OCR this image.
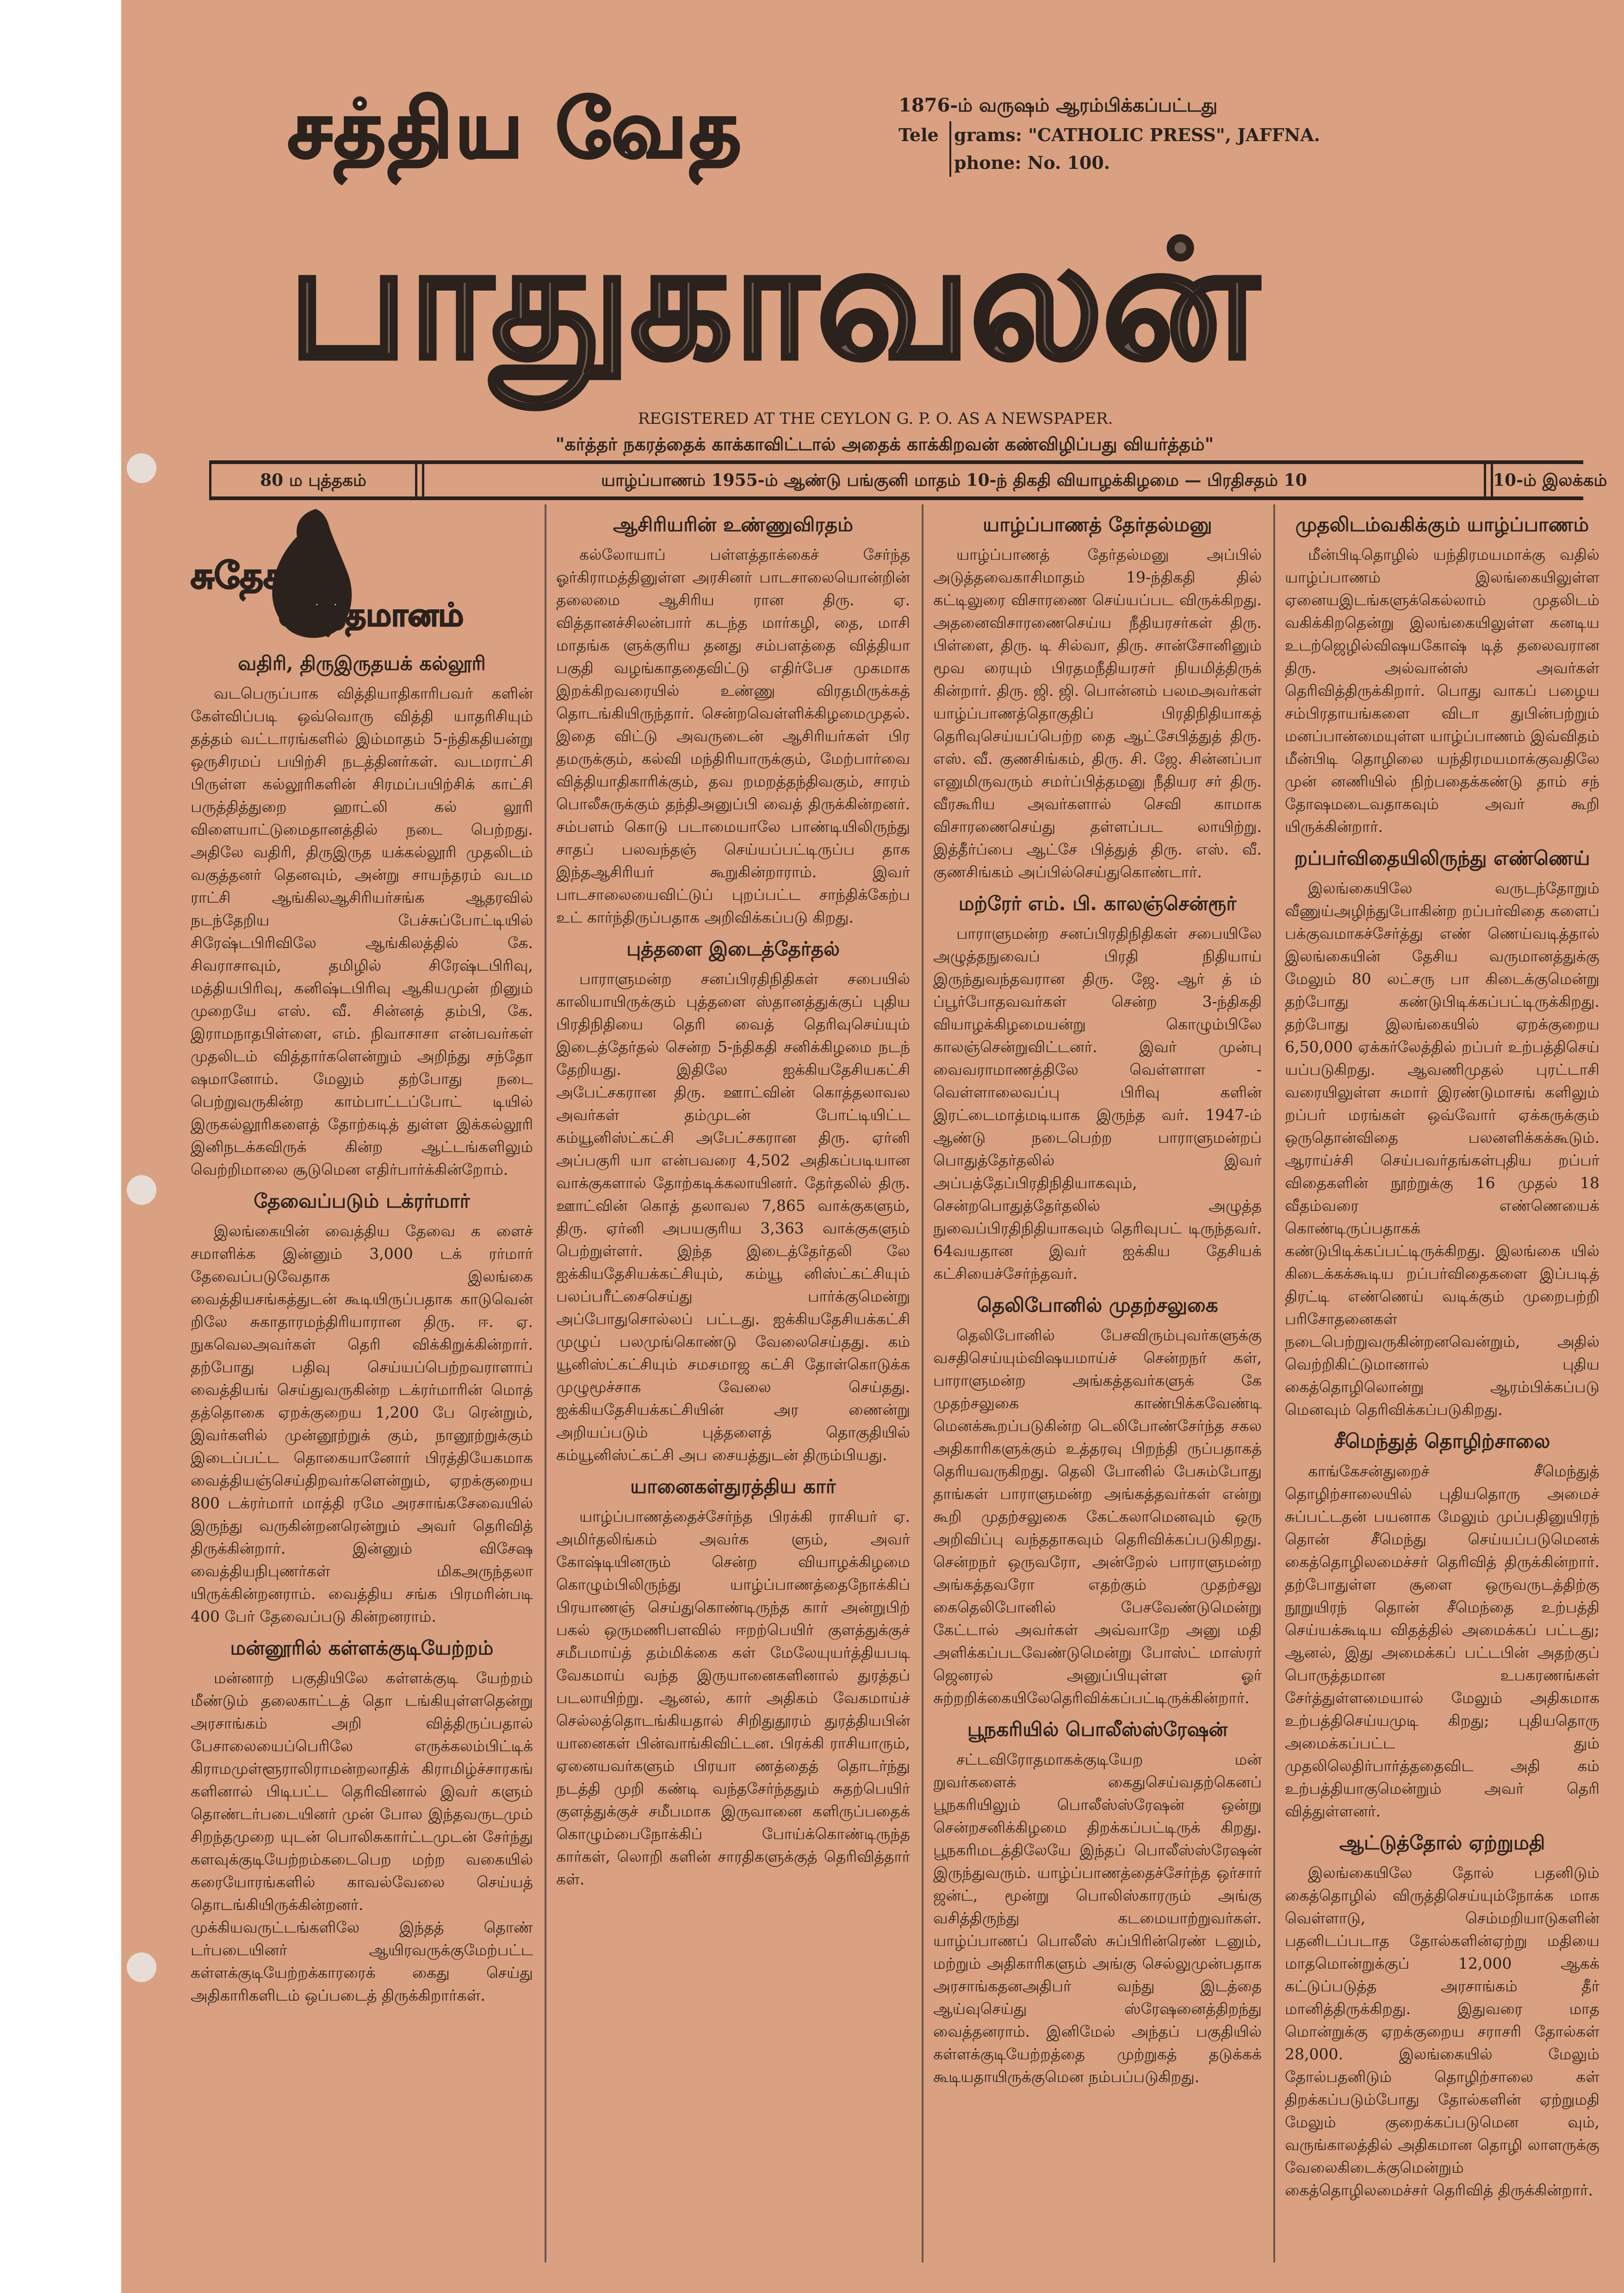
சத்திய வேத
பாதுகாவலன்
1876-ம் வருஷம் ஆரம்பிக்கப்பட்டது
Tele grams: "CATHOLIC PRESS", JAFFNA.
phone: No. 100.
REGISTERED AT THE CEYLON G. P. O. AS A NEWSPAPER.
"கர்த்தர் நகரத்தைக் காக்காவிட்டால் அதைக் காக்கிறவன் கண்விழிப்பது வியர்த்தம்"
80 ம புத்தகம்	யாழ்ப்பாணம் 1955-ம் ஆண்டு பங்குனி மாதம் 10-ந் திகதி வியாழக்கிழமை — பிரதிசதம் 10	10-ம் இலக்கம்
சுதேச
வர்த்தமானம்
வதிரி, திருஇருதயக் கல்லூரி

வடபெருப்பாக வித்தியாதிகாரிபவர் களின் கேள்விப்படி ஒவ்வொரு வித்தி யாதரிசியும் தத்தம் வட்டாரங்களில் இம்மாதம் 5-ந்திகதியன்று ஒருசிரமப் பயிற்சி நடத்தினர்கள். வடமராட்சி பிருள்ள கல்லூரிகளின் சிரமப்பயிற்சிக் காட்சி பருத்தித்துறை ஹாட்லி கல் லூரி விளையாட்டுமைதானத்தில் நடை பெற்றது. அதிலே வதிரி, திருஇருத யக்கல்லூரி முதலிடம் வகுத்தனர் தெனவும், அன்று சாயந்தரம் வடம ராட்சி ஆங்கிலஆசிரியர்சங்க ஆதரவில் நடந்தேறிய பேச்சுப்போட்டியில் சிரேஷ்டபிரிவிலே ஆங்கிலத்தில் கே. சிவராசாவும், தமிழில் சிரேஷ்டபிரிவு, மத்தியபிரிவு, கனிஷ்டபிரிவு ஆகியமுன் றினும் முறையே எஸ். வீ. சின்னத் தம்பி, கே. இராமநாதபிள்ளை, எம். நிவாசாசா என்பவர்கள் முதலிடம் வித்தார்களென்றும் அறிந்து சந்தோ ஷமானோம். மேலும் தற்போது நடை பெற்றுவருகின்ற காம்பாட்டப்போட் டியில் இருகல்லூரிகளைத் தோற்கடித் துள்ள இக்கல்லூரி இனிநடக்கவிருக் கின்ற ஆட்டங்களிலும் வெற்றிமாலை சூடுமென எதிர்பார்க்கின்றோம்.

தேவைப்படும் டக்ரர்மார்

இலங்கையின் வைத்திய தேவை க ளைச் சமாளிக்க இன்னும் 3,000 டக் ரர்மார் தேவைப்படுவேதாக இலங்கை வைத்தியசங்கத்துடன் கூடியிருப்பதாக காடுவென் றிலே சுகாதாரமந்திரியாரான திரு. ஈ. ஏ. நுகவெலஅவர்கள் தெரி விக்கிறுக்கின்றார். தற்போது பதிவு செய்யப்பெற்றவராளாப் வைத்தியங் செய்துவருகின்ற டக்ரர்மாரின் மொத் தத்தொகை ஏறக்குறைய 1,200 பே ரென்றும், இவர்களில் முன்னூற்றுக் கும், நானூற்றுக்கும் இடைப்பட்ட தொகையானோர் பிரத்தியேகமாக வைத்தியஞ்செய்திறவர்களென்றும், ஏறக்குறைய 800 டக்ரர்மார் மாத்தி ரமே அரசாங்கசேவையில் இருந்து வருகின்றனரென்றும் அவர் தெரிவித் திருக்கின்றார். இன்னும் விசேஷ வைத்தியநிபுணர்கள் மிகஅருந்தலா யிருக்கின்றனராம். வைத்திய சங்க பிரமரின்படி 400 பேர் தேவைப்படு கின்றனராம்.

மன்னூரில் கள்ளக்குடியேற்றம்

மன்னாற் பகுதியிலே கள்ளக்குடி யேற்றம் மீண்டும் தலைகாட்டத் தொ டங்கியுள்ளதென்று அரசாங்கம் அறி வித்திருப்பதால் பேசாலையைப்பெரிலே எருக்கலம்பிட்டிக் கிராமமுள்ளூராலிராமன்றலாதிக் கிராமிழ்ச்சாரகங் களினால் பிடிபட்ட தெரிவினால் இவர் களும் தொண்டர்படையினர் முன் போல இந்தவருடமும் சிறந்தமுறை யுடன் பொலிசுகார்ட்டமுடன் சேர்ந்து களவுக்குடியேற்றம்கடைபெற மற்ற வகையில் கரையோரங்களில் காவல்வேலை செய்யத் தொடங்கியிருக்கின்றனர். முக்கியவருட்டங்களிலே இந்தத் தொண் டர்படையினர் ஆயிரவருக்குமேற்பட்ட கள்ளக்குடியேற்றக்காரரைக் கைது செய்து அதிகாரிகளிடம் ஒப்படைத் திருக்கிறார்கள்.

ஆசிரியரின் உண்ணுவிரதம்

கல்லோயாப் பள்ளத்தாக்கைச் சேர்ந்த ஓர்கிராமத்தினுள்ள அரசினர் பாடசாலையொன்றின் தலைமை ஆசிரிய ரான திரு. ஏ. வித்தானச்சிலன்பார் கடந்த மார்கழி, தை, மாசி மாதங்க ளுக்குரிய தனது சம்பளத்தை வித்தியா பகுதி வழங்காததைவிட்டு எதிர்பேச முகமாக இறக்கிறவரையில் உண்ணு விரதமிருக்கத் தொடங்கியிருந்தார். சென்றவெள்ளிக்கிழமைமுதல். இதை விட்டு அவருடைன் ஆசிரியர்கள் பிர தமருக்கும், கல்வி மந்திரியாருக்கும், மேற்பார்வை வித்தியாதிகாரிக்கும், தவ றமறத்தந்திவகும், சாரம் பொலீசுருக்கும் தந்திஅனுப்பி வைத் திருக்கின்றனர். சம்பளம் கொடு படாமையாலே பாண்டியிலிருந்து சாதப் பலவந்தஞ் செய்யப்பட்டிருப்ப தாக இந்தஆசிரியர் கூறுகின்றாராம். இவர் பாடசாலையைவிட்டுப் புறப்பட்ட சாந்திக்கேற்ப உட் கார்ந்திருப்பதாக அறிவிக்கப்படு கிறது.

புத்தளை இடைத்தேர்தல்

பாராளுமன்ற சனப்பிரதிநிதிகள் சபையில் காலியாயிருக்கும் புத்தளை ஸ்தானத்துக்குப் புதிய பிரதிநிதியை தெரி வைத் தெரிவுசெய்யும் இடைத்தேர்தல் சென்ற 5-ந்திகதி சனிக்கிழமை நடந் தேறியது. இதிலே ஐக்கியதேசியகட்சி அபேட்சகரான திரு. ஊாட்வின் கொத்தலாவல அவர்கள் தம்முடன் போட்டியிட்ட கம்யூனிஸ்ட்கட்சி அபேட்சகரான திரு. ஏர்னி அப்பகுரி யா என்பவரை 4,502 அதிகப்படியான வாக்குகளால் தோற்கடிக்கலாயினர். தேர்தலில் திரு. ஊாட்வின் கொத் தலாவல 7,865 வாக்குகளும், திரு. ஏர்னி அபயகுரிய 3,363 வாக்குகளும் பெற்றுள்ளர். இந்த இடைத்தேர்தலி லே ஐக்கியதேசியக்கட்சியும், கம்யூ னிஸ்ட்கட்சியும் பலப்பரீட்சைசெய்து பார்க்குமென்று அப்போதுசொல்லப் பட்டது. ஐக்கியதேசியக்கட்சி முழுப் பலமுங்கொண்டு வேலைசெய்தது. கம் யூனிஸ்ட்கட்சியும் சமசமாஜ கட்சி தோள்கொடுக்க முழுமூச்சாக வேலை செய்தது. ஐக்கியதேசியக்கட்சியின் அர ணைன்று அறியப்படும் புத்தளைத் தொகுதியில் கம்யூனிஸ்ட்கட்சி அப சையத்துடன் திரும்பியது.

யானைகள்துரத்திய கார்

யாழ்ப்பாணத்தைச்சேர்ந்த பிரக்கி ராசியர் ஏ. அமிர்தலிங்கம் அவர்க ளும், அவர் கோஷ்டியினரும் சென்ற வியாழக்கிழமை கொழும்பிலிருந்து யாழ்ப்பாணத்தைநோக்கிப் பிரயாணஞ் செய்துகொண்டிருந்த கார் அன்றுபிற் பகல் ஒருமணிபளவில் ஈறற்பெயிர் குளத்துக்குச் சமீபமாய்த் தம்மிக்கை கள் மேலேயுயர்த்தியபடி வேகமாய் வந்த இருயானைகளினால் துரத்தப் படலாயிற்று. ஆனல், கார் அதிகம் வேகமாய்ச் செல்லத்தொடங்கியதால் சிறிதுதூரம் துரத்தியபின் யானைகள் பின்வாங்கிவிட்டன. பிரக்கி ராசியாரும், ஏனையவர்களும் பிரயா ணத்தைத் தொடர்ந்து நடத்தி முறி கண்டி வந்தசேர்ந்ததும் சுதற்பெயிர் குளத்துக்குச் சமீபமாக இருவானை களிருப்பதைக் கொழும்பைநோக்கிப் போய்க்கொண்டிருந்த கார்கள், லொறி களின் சாரதிகளுக்குத் தெரிவித்தார் கள்.

யாழ்ப்பாணத் தேர்தல்மனு

யாழ்ப்பாணத் தேர்தல்மனு அப்பில் அடுத்தவைகாசிமாதம் 19-ந்திகதி தில் கட்டிலுரை விசாரணை செய்யப்பட விருக்கிறது. அதனைவிசாரணைசெய்ய நீதியரசர்கள் திரு. பிள்ளை, திரு. டி சில்வா, திரு. சான்சோனினும் மூவ ரையும் பிரதமநீதியரசர் நியமித்திருக் கின்றார். திரு. ஜி. ஜி. பொன்னம் பலமஅவர்கள் யாழ்ப்பாணத்தொகுதிப் பிரதிநிதியாகத் தெரிவுசெய்யப்பெற்ற தை ஆட்சேபித்துத் திரு. எஸ். வீ. குணசிங்கம், திரு. சி. ஜே. சின்னப்பா எனுமிருவரும் சமர்ப்பித்தமனு நீதியர சர் திரு. வீரகூரிய அவர்களால் செவி காமாக விசாரணைசெய்து தள்ளப்பட லாயிற்று. இத்தீர்ப்பை ஆட்சே பித்துத் திரு. எஸ். வீ. குணசிங்கம் அப்பில்செய்துகொண்டார்.

மற்ரேர் எம். பி. காலஞ்சென்ரூர்

பாராளுமன்ற சனப்பிரதிநிதிகள் சபையிலே அழுத்தநுவைப் பிரதி நிதியாய் இருந்துவந்தவரான திரு. ஜே. ஆர் த் ம் ப்பூர்போதவவர்கள் சென்ற 3-ந்திகதி வியாழக்கிழமையன்று கொழும்பிலே காலஞ்சென்றுவிட்டனர். இவர் முன்பு வைவராமாணத்திலே வெள்ளாள - வெள்ளாலைவப்பு பிரிவு களின் இரட்டைமாத்மடியாக இருந்த வர். 1947-ம் ஆண்டு நடைபெற்ற பாராளுமன்றப் பொதுத்தேர்தலில் இவர் அப்பத்தேப்பிரதிநிதியாகவும், சென்றபொதுத்தேர்தலில் அழுத்த நுவைப்பிரதிநிதியாகவும் தெரிவுபட் டிருந்தவர். 64வயதான இவர் ஐக்கிய தேசியக் கட்சியைச்சேர்ந்தவர்.

தெலிபோனில் முதற்சலுகை

தெலிபோனில் பேசவிரும்புவர்களுக்கு வசதிசெய்யும்விஷயமாய்ச் சென்றநர் கள், பாராளுமன்ற அங்கத்தவர்களுக் கே முதற்சலுகை காண்பிக்கவேண்டி மெனக்கூறப்படுகின்ற டெலிபோண்சேர்ந்த சகல அதிகாரிகளுக்கும் உத்தரவு பிறந்தி ருப்பதாகத் தெரியவருகிறது. தெலி போனில் பேசும்போது தாங்கள் பாராளுமன்ற அங்கத்தவர்கள் என்று கூறி முதற்சலுகை கேட்கலாமெனவும் ஒரு அறிவிப்பு வந்ததாகவும் தெரிவிக்கப்படுகிறது. சென்றநர் ஒருவரோ, அன்றேல் பாராளுமன்ற அங்கத்தவரோ எதற்கும் முதற்சலு கைதெலிபோனில் பேசவேண்டுமென்று கேட்டால் அவர்கள் அவ்வாறே அனு மதி அளிக்கப்படவேண்டுமென்று போஸ்ட் மாஸ்ரர் ஜெனரல் அனுப்பியுள்ள ஓர் சுற்றறிக்கையிலேதெரிவிக்கப்பட்டிருக்கின்றார்.

பூநகரியில் பொலீஸ்ஸ்ரேஷன்

சட்டவிரோதமாகக்குடியேற மன் றுவர்களைக் கைதுசெய்வதற்கெனப் பூநகரியிலும் பொலீஸ்ஸ்ரேஷன் ஒன்று சென்றசனிக்கிழமை திறக்கப்பட்டிருக் கிறது. பூநகரிமடத்திலேயே இந்தப் பொலீஸ்ஸ்ரேஷன் இருந்துவரும். யாழ்ப்பாணத்தைச்சேர்ந்த ஒர்சார் ஜன்ட், மூன்று பொலிஸ்காரரும் அங்கு வசித்திருந்து கடமையாற்றுவர்கள். யாழ்ப்பாணப் பொலீஸ் சுப்பிரின்ரெண் டனும், மற்றும் அதிகாரிகளும் அங்கு செல்லுமுன்பதாக அரசாங்கதனஅதிபர் வந்து இடத்தை ஆய்வுசெய்து ஸ்ரேஷனைத்திறந்து வைத்தனராம். இனிமேல் அந்தப் பகுதியில் கள்ளக்குடியேற்றத்தை முற்றுகத் தடுக்கக் கூடியதாயிருக்குமென நம்பப்படுகிறது.

முதலிடம்வகிக்கும் யாழ்ப்பாணம்

மீன்பிடிதொழில் யந்திரமயமாக்கு வதில் யாழ்ப்பாணம் இலங்கையிலுள்ள ஏனையஇடங்களுக்கெல்லாம் முதலிடம் வகிக்கிறதென்று இலங்கையிலுள்ள கனடிய உடற்ஜெழில்விஷயகோஷ் டித் தலைவரான திரு. அல்வான்ஸ் அவர்கள் தெரிவித்திருக்கிறார். பொது வாகப் பழைய சம்பிரதாயங்களை விடா துபின்பற்றும் மனப்பான்மையுள்ள யாழ்ப்பாணம் இவ்விதம் மீன்பிடி தொழிலை யந்திரமயமாக்குவதிலே முன் னணியில் நிற்பதைக்கண்டு தாம் சந் தோஷமடைவதாகவும் அவர் கூறி யிருக்கின்றார்.

றப்பர்விதையிலிருந்து எண்ணெய்

இலங்கையிலே வருடந்தோறும் வீணுய்அழிந்துபோகின்ற றப்பர்விதை களைப் பக்குவமாகச்சேர்த்து எண் ணெய்வடித்தால் இலங்கையின் தேசிய வருமானத்துக்கு மேலும் 80 லட்சரு பா கிடைக்குமென்று தற்போது கண்டுபிடிக்கப்பட்டிருக்கிறது. தற்போது இலங்கையில் ஏறக்குறைய 6,50,000 ஏக்கர்லேத்தில் றப்பர் உற்பத்திசெய் யப்படுகிறது. ஆவணிமுதல் புரட்டாசி வரையிலுள்ள சுமார் இரண்டுமாசங் களிலும் றப்பர் மரங்கள் ஒவ்வோர் ஏக்கருக்கும் ஒருதொன்விதை பலனளிக்கக்கூடும். ஆராய்ச்சி செய்பவர்தங்கள்புதிய றப்பர் விதைகளின் நூற்றுக்கு 16 முதல் 18 வீதம்வரை எண்ணெயைக் கொண்டிருப்பதாகக் கண்டுபிடிக்கப்பட்டிருக்கிறது. இலங்கை யில் கிடைக்கக்கூடிய றப்பர்விதைகளை இப்படித் திரட்டி எண்ணெய் வடிக்கும் முறைபற்றி பரிசோதனைகள் நடைபெற்றுவருகின்றனவென்றும், அதில் வெற்றிகிட்டுமானால் புதிய கைத்தொழிலொன்று ஆரம்பிக்கப்படு மெனவும் தெரிவிக்கப்படுகிறது.

சீமெந்துத் தொழிற்சாலை

காங்கேசன்துறைச் சீமெந்துத் தொழிற்சாலையில் புதியதொரு அமைச் சுப்பட்டதன் பயனாக மேலும் முப்பதினுயிரந் தொன் சீமெந்து செய்யப்படுமெனக் கைத்தொழிலமைச்சர் தெரிவித் திருக்கின்றார். தற்போதுள்ள சூளை ஒருவருடத்திற்கு நூறுயிரந் தொன் சீமெந்தை உற்பத்தி செய்யக்கூடிய விதத்தில் அமைக்கப் பட்டது; ஆனல், இது அமைக்கப் பட்டபின் அதற்குப் பொருத்தமான உபகரணங்கள் சேர்த்துள்ளமையால் மேலும் அதிகமாக உற்பத்திசெய்யமுடி கிறது; புதியதொரு அமைக்கப்பட்ட தும் முதலிலெதிர்பார்த்ததைவிட அதி கம் உற்பத்தியாகுமென்றும் அவர் தெரி வித்துள்ளனர்.

ஆட்டுத்தோல் ஏற்றுமதி

இலங்கையிலே தோல் பதனிடும் கைத்தொழில் விருத்திசெய்யும்நோக்க மாக வெள்ளாடு, செம்மறியாடுகளின் பதனிடப்படாத தோல்களின்ஏற்று மதியை மாதமொன்றுக்குப் 12,000 ஆகக் கட்டுப்படுத்த அரசாங்கம் தீர் மானித்திருக்கிறது. இதுவரை மாத மொன்றுக்கு ஏறக்குறைய சராசரி தோல்கள் 28,000. இலங்கையில் மேலும் தோல்பதனிடும் தொழிற்சாலை கள் திறக்கப்படும்போது தோல்களின் ஏற்றுமதி மேலும் குறைக்கப்படுமென வும், வருங்காலத்தில் அதிகமான தொழி லாளருக்கு வேலைகிடைக்குமென்றும் கைத்தொழிலமைச்சர் தெரிவித் திருக்கின்றார்.
